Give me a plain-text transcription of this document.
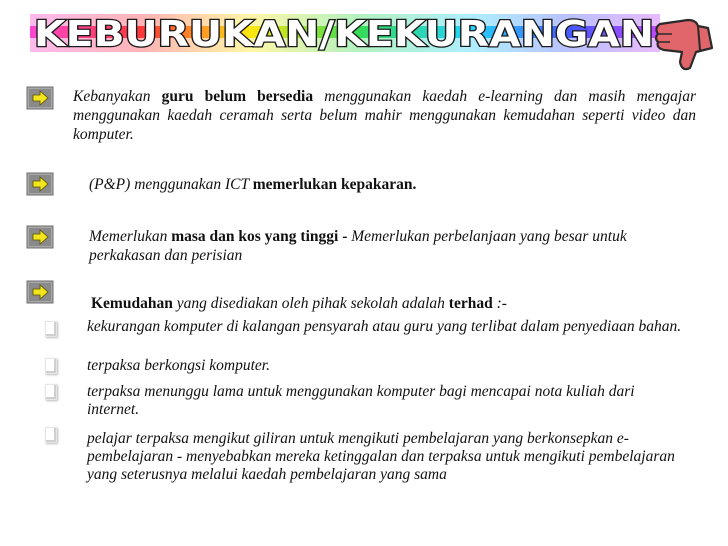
KEBURUKAN/KEKURANGAN
Kebanyakan guru belum bersedia menggunakan kaedah e-learning dan masih mengajar menggunakan kaedah ceramah serta belum mahir menggunakan kemudahan seperti video dan komputer.
(P&P) menggunakan ICT memerlukan kepakaran.
Memerlukan masa dan kos yang tinggi - Memerlukan perbelanjaan yang besar untuk perkakasan dan perisian
Kemudahan yang disediakan oleh pihak sekolah adalah terhad :-
kekurangan komputer di kalangan pensyarah atau guru yang terlibat dalam penyediaan bahan.
terpaksa berkongsi komputer.
terpaksa menunggu lama untuk menggunakan komputer bagi mencapai nota kuliah dari internet.
pelajar terpaksa mengikut giliran untuk mengikuti pembelajaran yang berkonsepkan e-pembelajaran - menyebabkan mereka ketinggalan dan terpaksa untuk mengikuti pembelajaran yang seterusnya melalui kaedah pembelajaran yang sama
